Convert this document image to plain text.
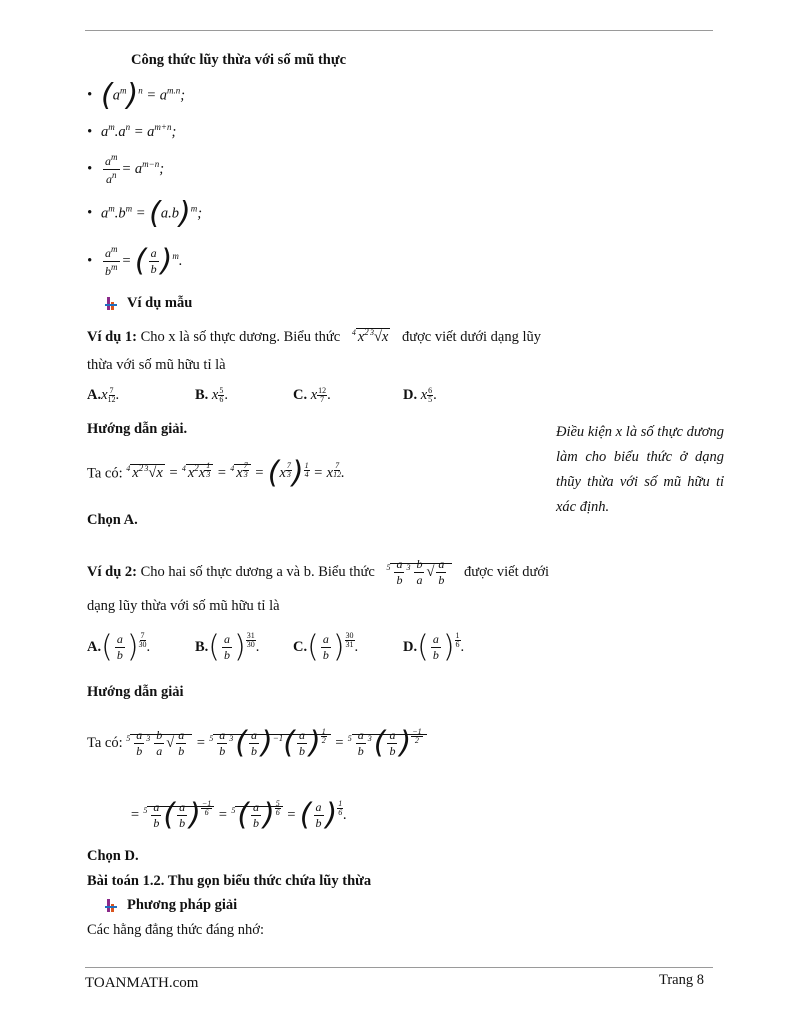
Công thức lũy thừa với số mũ thực
• $(a^m)^n = a^{m.n}$;
• $a^m.a^n = a^{m+n}$;
• $\frac{a^m}{a^n} = a^{m-n}$;
• $a^m.b^m = (a.b)^m$;
• $\frac{a^m}{b^m}$ = ( $\frac{a}{b} )^m$.
Ví dụ mẫu
Ví dụ 1: Cho x là số thực dương. Biểu thức $^4$ $x^2$ $^3$√x được viết dưới dạng lũy
thừa với số mũ hữu tỉ là
$A.x \frac{7}{12}$ .	B. x $\frac{5}{6}$ .	C. x $\frac{12}{7}$ .	D. x $\frac{6}{5}$ .
Hướng dẫn giải.
Ta có: $^4$ $x^2$ $^3$√x = $^4$ $x^2x \frac{1}{3} = ^4$ x $\frac{7}{3} = (x \frac{7}{3}$ ) $\frac{1}{4} = x \frac{7}{12}$ .
Điều kiện x là số thực dương làm cho biểu thức ở dạng thũy thừa với số mũ hữu tỉ xác định.
Chọn A.
Ví dụ 2: Cho hai số thực dương a và b. Biểu thức $^5 \frac{a}{b} ^3 \frac{b}{a}$ √ $\frac{a}{b}$ được viết dưới
dạng lũy thừa với số mũ hữu tỉ là
$A.( \frac{a}{b}$ ) $\frac{7}{30}$ .	$B.( \frac{a}{b}$ ) $\frac{31}{30}$ . $C.( \frac{a}{b}$ ) $\frac{30}{31}$ .	$D.( \frac{a}{b}$ ) $\frac{1}{6}$ .
Hướng dẫn giải
Ta có: $^5 \frac{a}{b} ^3 \frac{b}{a}$ √ $\frac{a}{b} = ^5 \frac{a}{b} ^3( \frac{a}{b} )^{-1}( \frac{a}{b}$ ) $\frac{1}{2} = ^5 \frac{a}{b} ^3( \frac{a}{b}$ ) $\frac{-1}{2}$
= $^5 \frac{a}{b}$ ( $\frac{a}{b}$ ) $\frac{-1}{6} = ^5( \frac{a}{b}$ ) $\frac{5}{6}$ = ( $\frac{a}{b}$ ) $\frac{1}{6}$ .
Chọn D.
Bài toán 1.2. Thu gọn biểu thức chứa lũy thừa
Phương pháp giải
Các hằng đẳng thức đáng nhớ:
TOANMATH.com	Trang 8
